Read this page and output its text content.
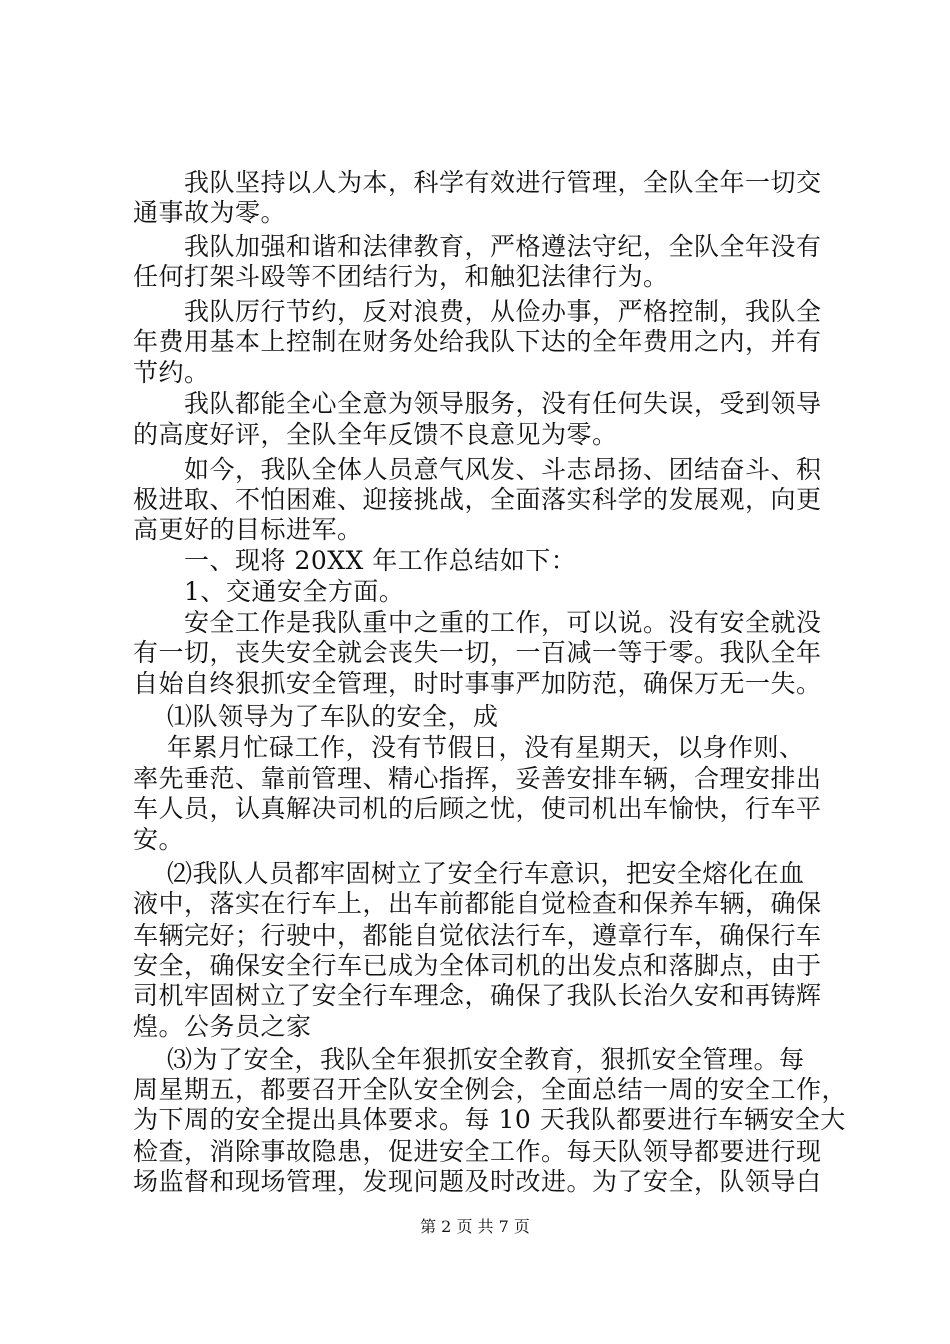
　　我队坚持以人为本，科学有效进行管理，全队全年一切交
通事故为零。
　　我队加强和谐和法律教育，严格遵法守纪，全队全年没有
任何打架斗殴等不团结行为，和触犯法律行为。
　　我队厉行节约，反对浪费，从俭办事，严格控制，我队全
年费用基本上控制在财务处给我队下达的全年费用之内，并有
节约。
　　我队都能全心全意为领导服务，没有任何失误，受到领导
的高度好评，全队全年反馈不良意见为零。
　　如今，我队全体人员意气风发、斗志昂扬、团结奋斗、积
极进取、不怕困难、迎接挑战，全面落实科学的发展观，向更
高更好的目标进军。
　　一、现将 20XX 年工作总结如下：
　　1、交通安全方面。
　　安全工作是我队重中之重的工作，可以说。没有安全就没
有一切，丧失安全就会丧失一切，一百减一等于零。我队全年
自始自终狠抓安全管理，时时事事严加防范，确保万无一失。
　 ⑴队领导为了车队的安全，成
　 年累月忙碌工作，没有节假日，没有星期天，以身作则、
率先垂范、靠前管理、精心指挥，妥善安排车辆，合理安排出
车人员，认真解决司机的后顾之忧，使司机出车愉快，行车平
安。
　 ⑵我队人员都牢固树立了安全行车意识，把安全熔化在血
液中，落实在行车上，出车前都能自觉检查和保养车辆，确保
车辆完好；行驶中，都能自觉依法行车，遵章行车，确保行车
安全，确保安全行车已成为全体司机的出发点和落脚点，由于
司机牢固树立了安全行车理念，确保了我队长治久安和再铸辉
煌。公务员之家
　 ⑶为了安全，我队全年狠抓安全教育，狠抓安全管理。每
周星期五，都要召开全队安全例会，全面总结一周的安全工作，
为下周的安全提出具体要求。每 10 天我队都要进行车辆安全大
检查，消除事故隐患，促进安全工作。每天队领导都要进行现
场监督和现场管理，发现问题及时改进。为了安全，队领导白
第 2 页 共 7 页
